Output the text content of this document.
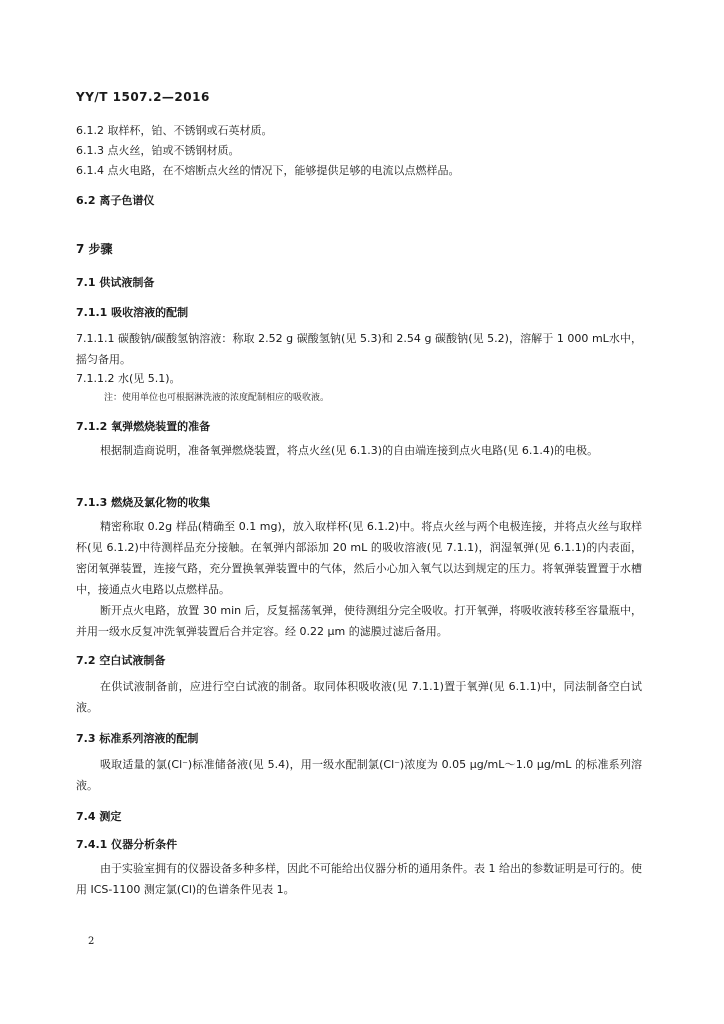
YY/T 1507.2—2016
6.1.2 取样杯，铂、不锈钢或石英材质。
6.1.3 点火丝，铂或不锈钢材质。
6.1.4 点火电路，在不熔断点火丝的情况下，能够提供足够的电流以点燃样品。
6.2 离子色谱仪
7 步骤
7.1 供试液制备
7.1.1 吸收溶液的配制
7.1.1.1 碳酸钠/碳酸氢钠溶液：称取 2.52 g 碳酸氢钠(见 5.3)和 2.54 g 碳酸钠(见 5.2)，溶解于 1 000 mL水中，摇匀备用。
7.1.1.2 水(见 5.1)。
注：使用单位也可根据淋洗液的浓度配制相应的吸收液。
7.1.2 氧弹燃烧装置的准备
根据制造商说明，准备氧弹燃烧装置，将点火丝(见 6.1.3)的自由端连接到点火电路(见 6.1.4)的电极。
7.1.3 燃烧及氯化物的收集
精密称取 0.2g 样品(精确至 0.1 mg)，放入取样杯(见 6.1.2)中。将点火丝与两个电极连接，并将点火丝与取样杯(见 6.1.2)中待测样品充分接触。在氧弹内部添加 20 mL 的吸收溶液(见 7.1.1)，润湿氧弹(见 6.1.1)的内表面，密闭氧弹装置，连接气路，充分置换氧弹装置中的气体，然后小心加入氧气以达到规定的压力。将氧弹装置置于水槽中，接通点火电路以点燃样品。
断开点火电路，放置 30 min 后，反复摇荡氧弹，使待测组分完全吸收。打开氧弹，将吸收液转移至容量瓶中，并用一级水反复冲洗氧弹装置后合并定容。经 0.22 μm 的滤膜过滤后备用。
7.2 空白试液制备
在供试液制备前，应进行空白试液的制备。取同体积吸收液(见 7.1.1)置于氧弹(见 6.1.1)中，同法制备空白试液。
7.3 标准系列溶液的配制
吸取适量的氯(Cl⁻)标准储备液(见 5.4)，用一级水配制氯(Cl⁻)浓度为 0.05 μg/mL～1.0 μg/mL 的标准系列溶液。
7.4 测定
7.4.1 仪器分析条件
由于实验室拥有的仪器设备多种多样，因此不可能给出仪器分析的通用条件。表 1 给出的参数证明是可行的。使用 ICS-1100 测定氯(Cl)的色谱条件见表 1。
2
